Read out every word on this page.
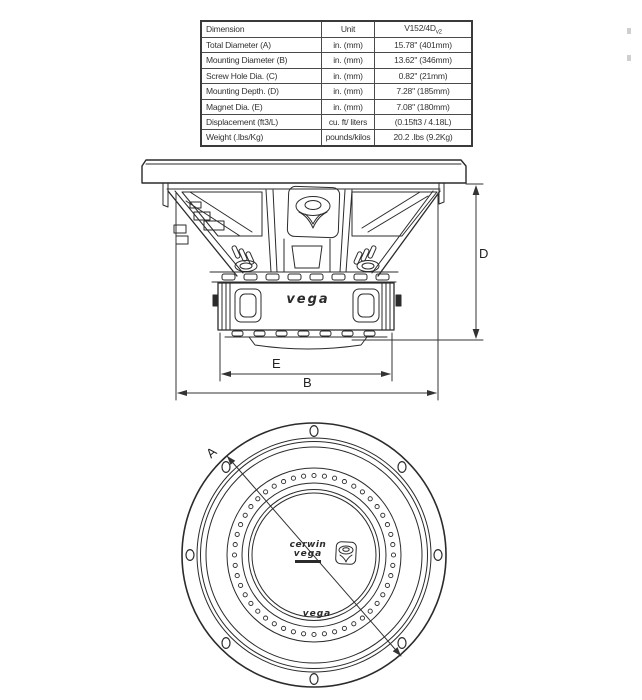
Dimension	Unit	$V152/4D_{v2}$
Total Diameter (A)	in. (mm)	15.78" (401mm)
Mounting Diameter (B)	in. (mm)	13.62" (346mm)
Screw Hole Dia. (C)	in. (mm)	0.82" (21mm)
Mounting Depth. (D)	in. (mm)	7.28" (185mm)
Magnet Dia. (E)	in. (mm)	7.08" (180mm)
Displacement (ft3/L)	cu. ft/ liters	(0.15ft3 / 4.18L)
Weight (.lbs/Kg)	pounds/kilos	20.2 .lbs (9.2Kg)
D
E
B
A
vega
cerwin
vega
vega
